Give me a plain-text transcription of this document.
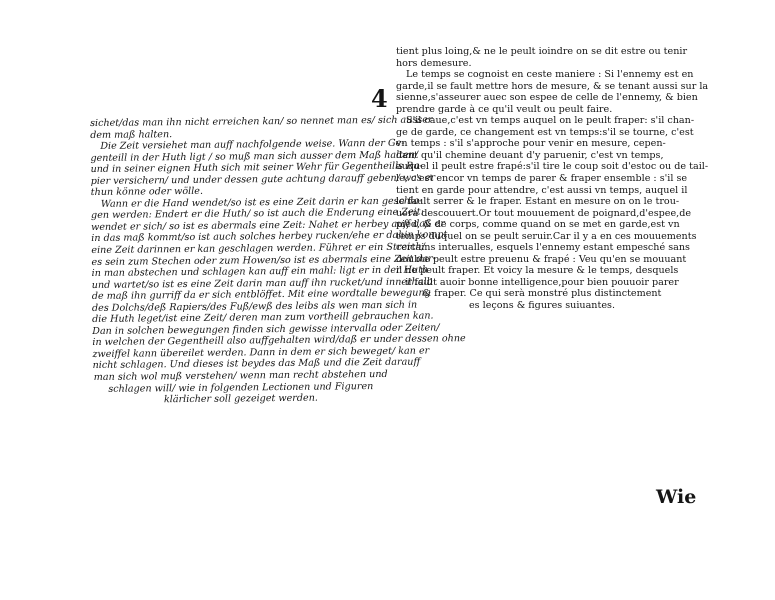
4
sichet/das man ihn nicht erreichen kan/ so nennet man es/ sich ausser
dem maß halten.
Die Zeit versiehet man auff nachfolgende weise. Wann der Ge-
genteill in der Huth ligt / so muß man sich ausser dem Maß halten/
und in seiner eignen Huth sich mit seiner Wehr für Gegentheills Ra-
pier versichern/ und under dessen gute achtung darauff geben/ was er
thun könne oder wölle.
Wann er die Hand wendet/so ist es eine Zeit darin er kan geschla-
gen werden: Endert er die Huth/ so ist auch die Enderung eine Zeit:
wendet er sich/ so ist es abermals eine Zeit: Nahet er herbey auff daß er
in das maß kommt/so ist auch solches herbey rucken/ehe er dahin kompt
eine Zeit darinnen er kan geschlagen werden. Führet er ein Streich/
es sein zum Stechen oder zum Howen/so ist es abermals eine Zeit dar-
in man abstechen und schlagen kan auff ein mahl: ligt er in der Huth
und wartet/so ist es eine Zeit darin man auff ihn rucket/und innerhalb
de maß ihn gurriff da er sich entblöffet. Mit eine wordtalle bewegung
des Dolchs/deß Rapiers/des Fuß/ewß des leibs als wen man sich in
die Huth leget/ist eine Zeit/ deren man zum vortheill gebrauchen kan.
Dan in solchen bewegungen finden sich gewisse intervalla oder Zeiten/
in welchen der Gegentheill also auffgehalten wird/daß er under dessen ohne
zweiffel kann übereilet werden. Dann in dem er sich beweget/ kan er
nicht schlagen. Und dieses ist beydes das Maß und die Zeit darauff
man sich wol muß verstehen/ wenn man recht abstehen und
schlagen will/ wie in folgenden Lectionen und Figuren
klärlicher soll gezeiget werden.
tient plus loing,& ne le peult ioindre on se dit estre ou tenir
hors demesure.
Le temps se cognoist en ceste maniere : Si l'ennemy est en
garde,il se fault mettre hors de mesure, & se tenant aussi sur la
sienne,s'asseurer auec son espee de celle de l'ennemy, & bien
prendre garde à ce qu'il veult ou peult faire.
S'il caue,c'est vn temps auquel on le peult fraper: s'il chan-
ge de garde, ce changement est vn temps:s'il se tourne, c'est
vn temps : s'il s'approche pour venir en mesure, cepen-
dant qu'il chemine deuant d'y paruenir, c'est vn temps,
auquel il peult estre frapé:s'il tire le coup soit d'estoc ou de tail-
le, c'est encor vn temps de parer & fraper ensemble : s'il se
tient en garde pour attendre, c'est aussi vn temps, auquel il
le fault serrer & le fraper. Estant en mesure on on le trou-
uera descouuert.Or tout mouuement de poignard,d'espee,de
pied, & de corps, comme quand on se met en garde,est vn
temps duquel on se peult seruir.Car il y a en ces mouuements
certains interualles, esquels l'ennemy estant empesché sans
doubte peult estre preuenu & frapé : Veu qu'en se mouuant
il ne peult fraper. Et voicy la mesure & le temps, desquels
il fault auoir bonne intelligence,pour bien pouuoir parer
& fraper. Ce qui serà monstré plus distinctement
es leçons & figures suiuantes.
Wie
